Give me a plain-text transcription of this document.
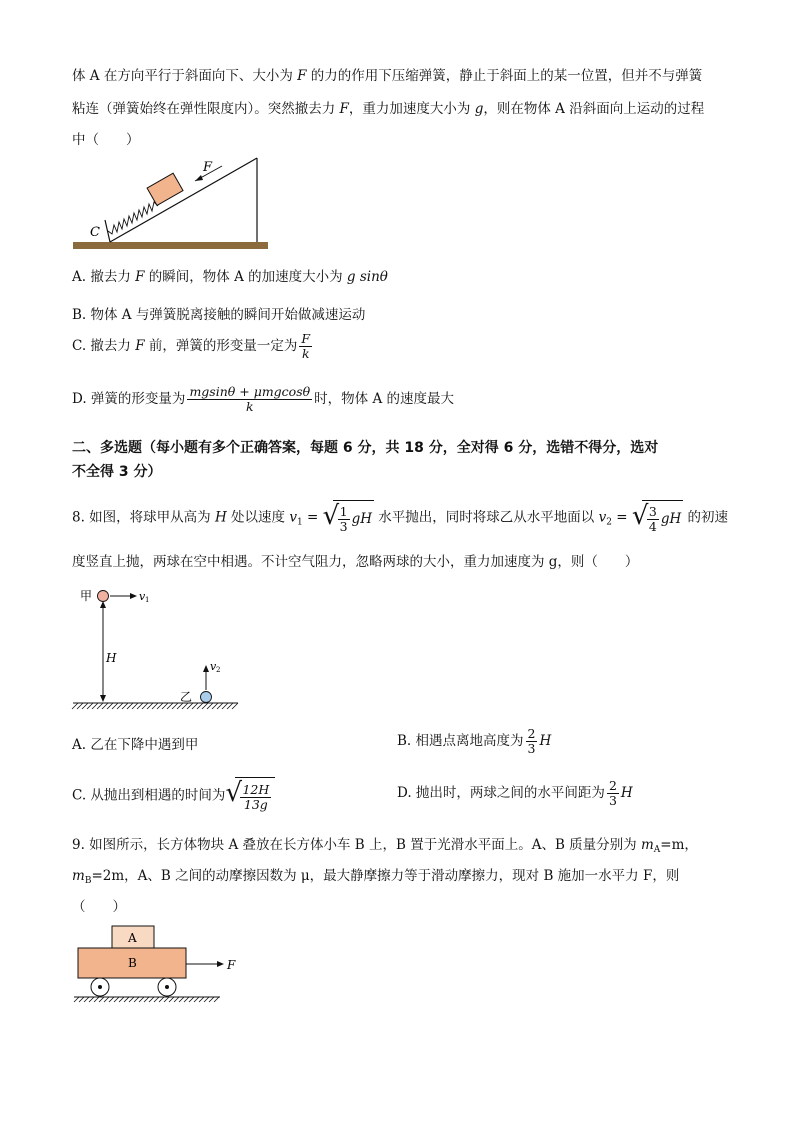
体 A 在方向平行于斜面向下、大小为 F 的力的作用下压缩弹簧，静止于斜面上的某一位置，但并不与弹簧
粘连（弹簧始终在弹性限度内）。突然撤去力 F，重力加速度大小为 g，则在物体 A 沿斜面向上运动的过程
中（　　）
F
C
A. 撤去力 F 的瞬间，物体 A 的加速度大小为 g sinθ
B. 物体 A 与弹簧脱离接触的瞬间开始做减速运动
C. 撤去力 F 前，弹簧的形变量一定为 $\frac{F}{k}$
D. 弹簧的形变量为 $\frac{\text{mgsinθ + μmgcosθ}}{k}$ 时，物体 A 的速度最大
二、多选题（每小题有多个正确答案，每题 6 分，共 18 分，全对得 6 分，选错不得分，选对
不全得 3 分）
8. 如图，将球甲从高为 H 处以速度 $v_1$ = √
$\frac{1}{3}$ gH 水平抛出，同时将球乙从水平地面以 $v_2$ = √
$\frac{3}{4}$ gH 的初速
度竖直上抛，两球在空中相遇。不计空气阻力，忽略两球的大小，重力加速度为 g，则（　　）
甲	v 1
H
v 2
乙
A. 乙在下降中遇到甲	B. 相遇点离地高度为 $\frac{2}{3}$ H
C. 从抛出到相遇的时间为 √
$\frac{12H}{13g}$	D. 抛出时，两球之间的水平间距为 $\frac{2}{3}$ H
9. 如图所示，长方体物块 A 叠放在长方体小车 B 上，B 置于光滑水平面上。A、B 质量分别为 $m_A=m$，
$m_B=2m$，A、B 之间的动摩擦因数为 μ，最大静摩擦力等于滑动摩擦力，现对 B 施加一水平力 F，则
（　　）
A
B	F
